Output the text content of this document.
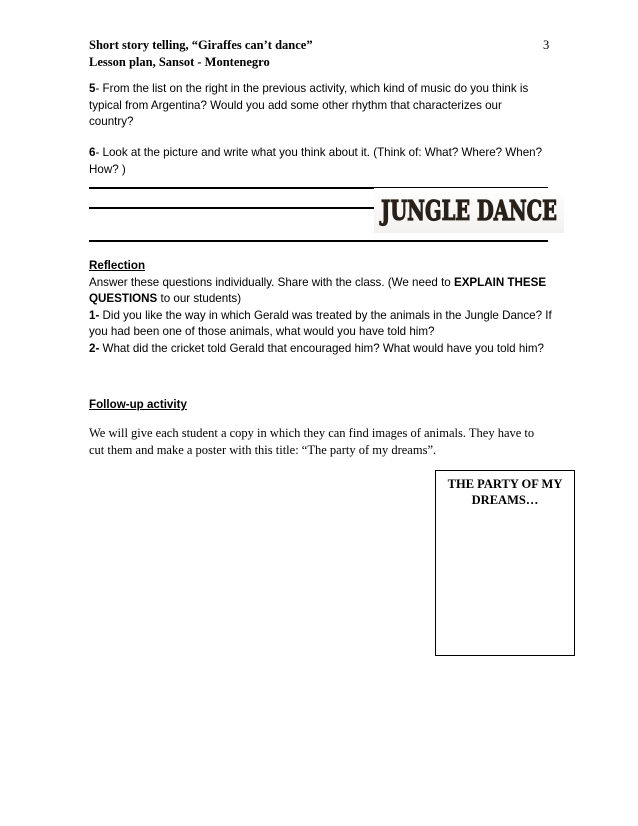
Short story telling, “Giraffes can’t dance”
Lesson plan, Sansot - Montenegro
3
5- From the list on the right in the previous activity, which kind of music do you think is typical from Argentina? Would you add some other rhythm that characterizes our country?
6- Look at the picture and write what you think about it. (Think of: What? Where? When? How? )
JUNGLE DANCE
Reflection
Answer these questions individually. Share with the class. (We need to EXPLAIN THESE QUESTIONS to our students)
1- Did you like the way in which Gerald was treated by the animals in the Jungle Dance? If you had been one of those animals, what would you have told him?
2- What did the cricket told Gerald that encouraged him? What would have you told him?
Follow-up activity
We will give each student a copy in which they can find images of animals. They have to cut them and make a poster with this title: “The party of my dreams”.
THE PARTY OF MY DREAMS…
